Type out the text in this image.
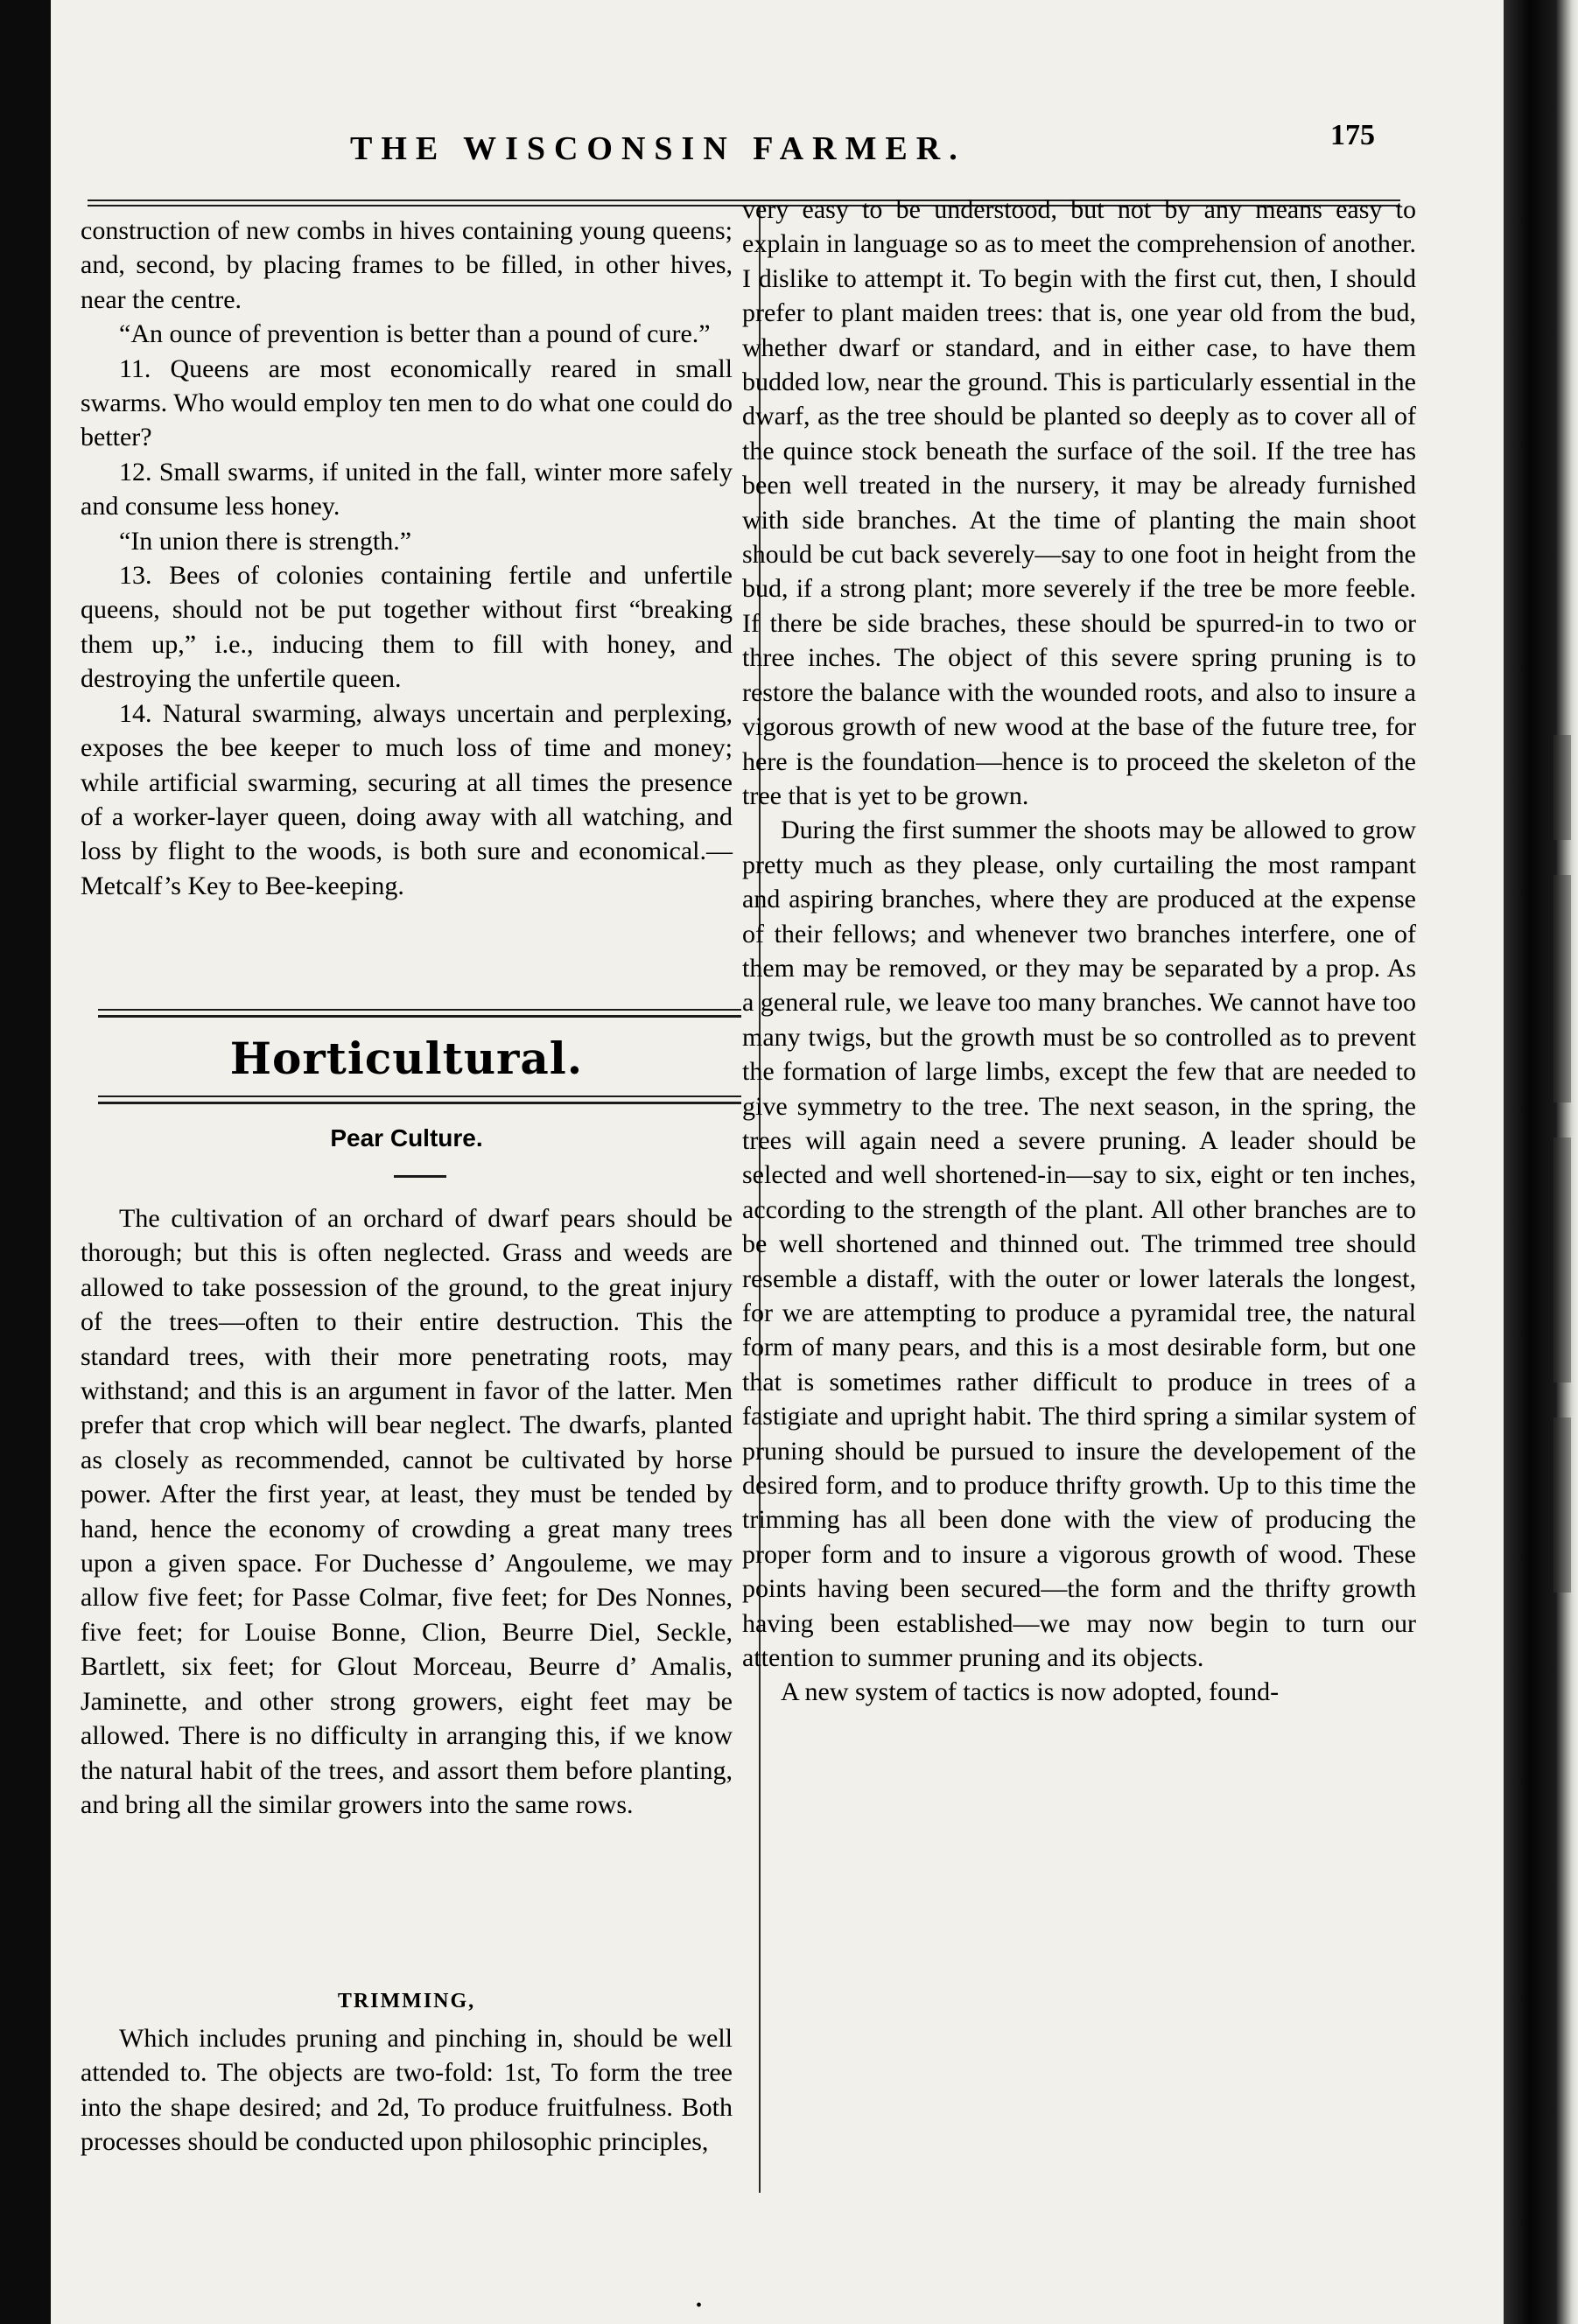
THE WISCONSIN FARMER.	175

construction of new combs in hives containing young queens; and, second, by placing frames to be filled, in other hives, near the centre.

“An ounce of prevention is better than a pound of cure.”

11. Queens are most economically reared in small swarms. Who would employ ten men to do what one could do better?

12. Small swarms, if united in the fall, winter more safely and consume less honey.

“In union there is strength.”

13. Bees of colonies containing fertile and unfertile queens, should not be put together without first “breaking them up,” i.e., inducing them to fill with honey, and destroying the unfertile queen.

14. Natural swarming, always uncertain and perplexing, exposes the bee keeper to much loss of time and money; while artificial swarming, securing at all times the presence of a worker-layer queen, doing away with all watching, and loss by flight to the woods, is both sure and economical.—Metcalf’s Key to Bee-keeping.

Horticultural.
Pear Culture.

The cultivation of an orchard of dwarf pears should be thorough; but this is often neglected. Grass and weeds are allowed to take possession of the ground, to the great injury of the trees—often to their entire destruction. This the standard trees, with their more penetrating roots, may withstand; and this is an argument in favor of the latter. Men prefer that crop which will bear neglect. The dwarfs, planted as closely as recommended, cannot be cultivated by horse power. After the first year, at least, they must be tended by hand, hence the economy of crowding a great many trees upon a given space. For Duchesse d’ Angouleme, we may allow five feet; for Passe Colmar, five feet; for Des Nonnes, five feet; for Louise Bonne, Clion, Beurre Diel, Seckle, Bartlett, six feet; for Glout Morceau, Beurre d’ Amalis, Jaminette, and other strong growers, eight feet may be allowed. There is no difficulty in arranging this, if we know the natural habit of the trees, and assort them before planting, and bring all the similar growers into the same rows.

TRIMMING,

Which includes pruning and pinching in, should be well attended to. The objects are two-fold: 1st, To form the tree into the shape desired; and 2d, To produce fruitfulness. Both processes should be conducted upon philosophic principles,

very easy to be understood, but not by any means easy to explain in language so as to meet the comprehension of another. I dislike to attempt it. To begin with the first cut, then, I should prefer to plant maiden trees: that is, one year old from the bud, whether dwarf or standard, and in either case, to have them budded low, near the ground. This is particularly essential in the dwarf, as the tree should be planted so deeply as to cover all of the quince stock beneath the surface of the soil. If the tree has been well treated in the nursery, it may be already furnished with side branches. At the time of planting the main shoot should be cut back severely—say to one foot in height from the bud, if a strong plant; more severely if the tree be more feeble. If there be side braches, these should be spurred-in to two or three inches. The object of this severe spring pruning is to restore the balance with the wounded roots, and also to insure a vigorous growth of new wood at the base of the future tree, for here is the foundation—hence is to proceed the skeleton of the tree that is yet to be grown.

During the first summer the shoots may be allowed to grow pretty much as they please, only curtailing the most rampant and aspiring branches, where they are produced at the expense of their fellows; and whenever two branches interfere, one of them may be removed, or they may be separated by a prop. As a general rule, we leave too many branches. We cannot have too many twigs, but the growth must be so controlled as to prevent the formation of large limbs, except the few that are needed to give symmetry to the tree. The next season, in the spring, the trees will again need a severe pruning. A leader should be selected and well shortened-in—say to six, eight or ten inches, according to the strength of the plant. All other branches are to be well shortened and thinned out. The trimmed tree should resemble a distaff, with the outer or lower laterals the longest, for we are attempting to produce a pyramidal tree, the natural form of many pears, and this is a most desirable form, but one that is sometimes rather difficult to produce in trees of a fastigiate and upright habit. The third spring a similar system of pruning should be pursued to insure the developement of the desired form, and to produce thrifty growth. Up to this time the trimming has all been done with the view of producing the proper form and to insure a vigorous growth of wood. These points having been secured—the form and the thrifty growth having been established—we may now begin to turn our attention to summer pruning and its objects.

A new system of tactics is now adopted, found-

•
